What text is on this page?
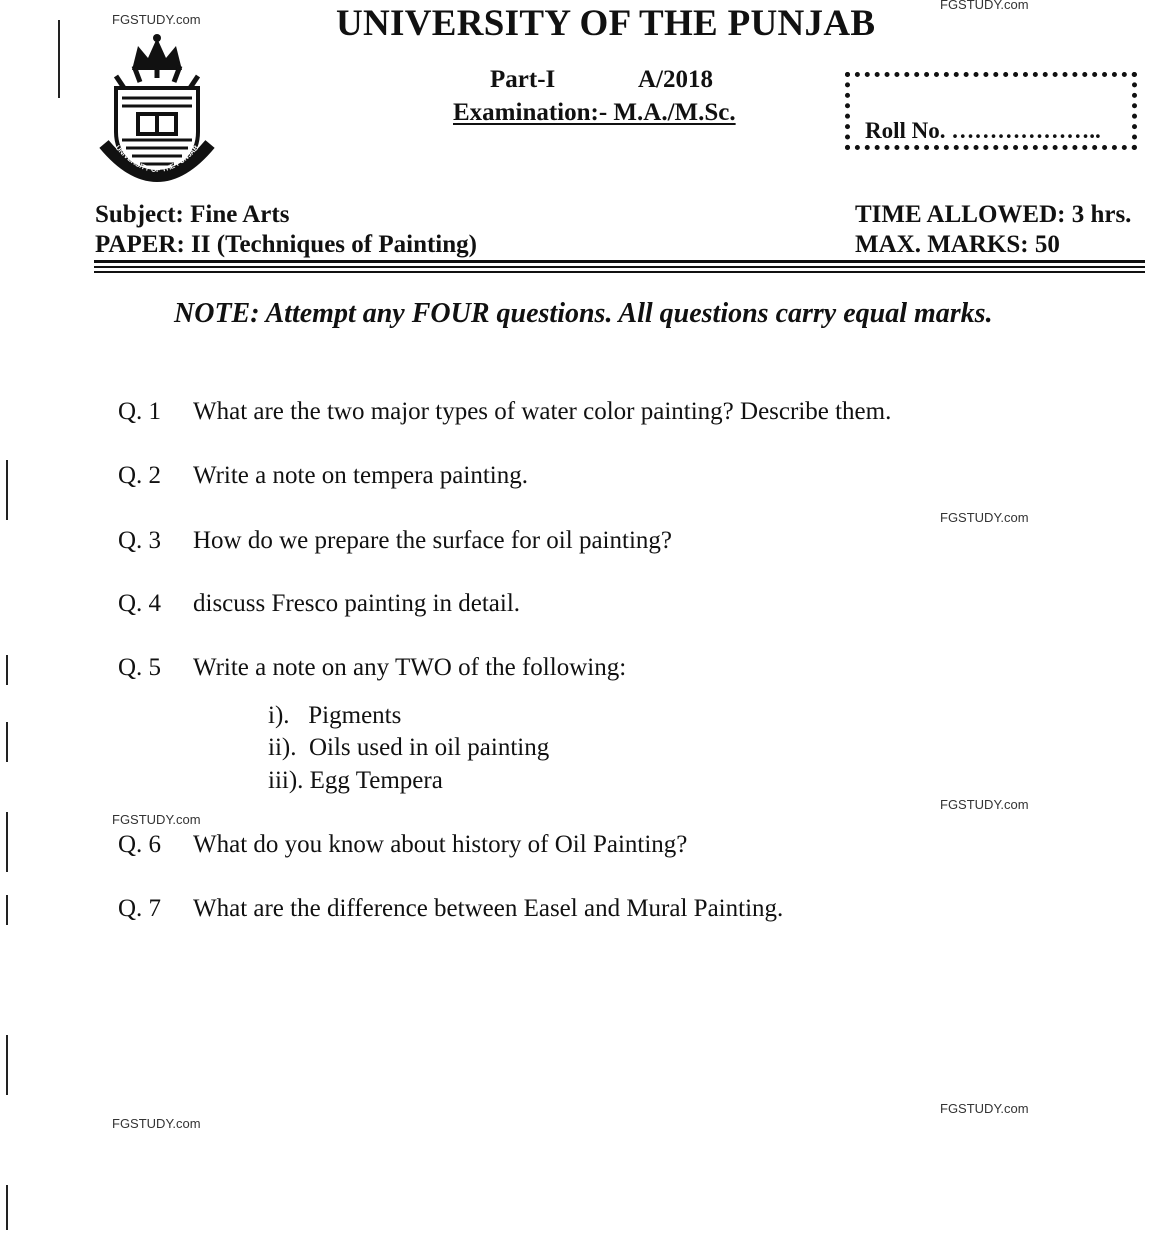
FGSTUDY.com
FGSTUDY.com
FGSTUDY.com
FGSTUDY.com
FGSTUDY.com
FGSTUDY.com
FGSTUDY.com
UNIVERSITY OF THE PUNJAB
UNIVERSITY OF THE PUNJAB
Part-I	A/2018
Examination:- M.A./M.Sc.
Roll No. ………………..
Subject: Fine Arts
PAPER: II (Techniques of Painting)
TIME ALLOWED: 3 hrs.
MAX. MARKS: 50
NOTE: Attempt any FOUR questions. All questions carry equal marks.
Q. 1 What are the two major types of water color painting? Describe them.
Q. 2 Write a note on tempera painting.
Q. 3 How do we prepare the surface for oil painting?
Q. 4 discuss Fresco painting in detail.
Q. 5 Write a note on any TWO of the following:
i).   Pigments
ii).  Oils used in oil painting
iii). Egg Tempera
Q. 6 What do you know about history of Oil Painting?
Q. 7 What are the difference between Easel and Mural Painting.
